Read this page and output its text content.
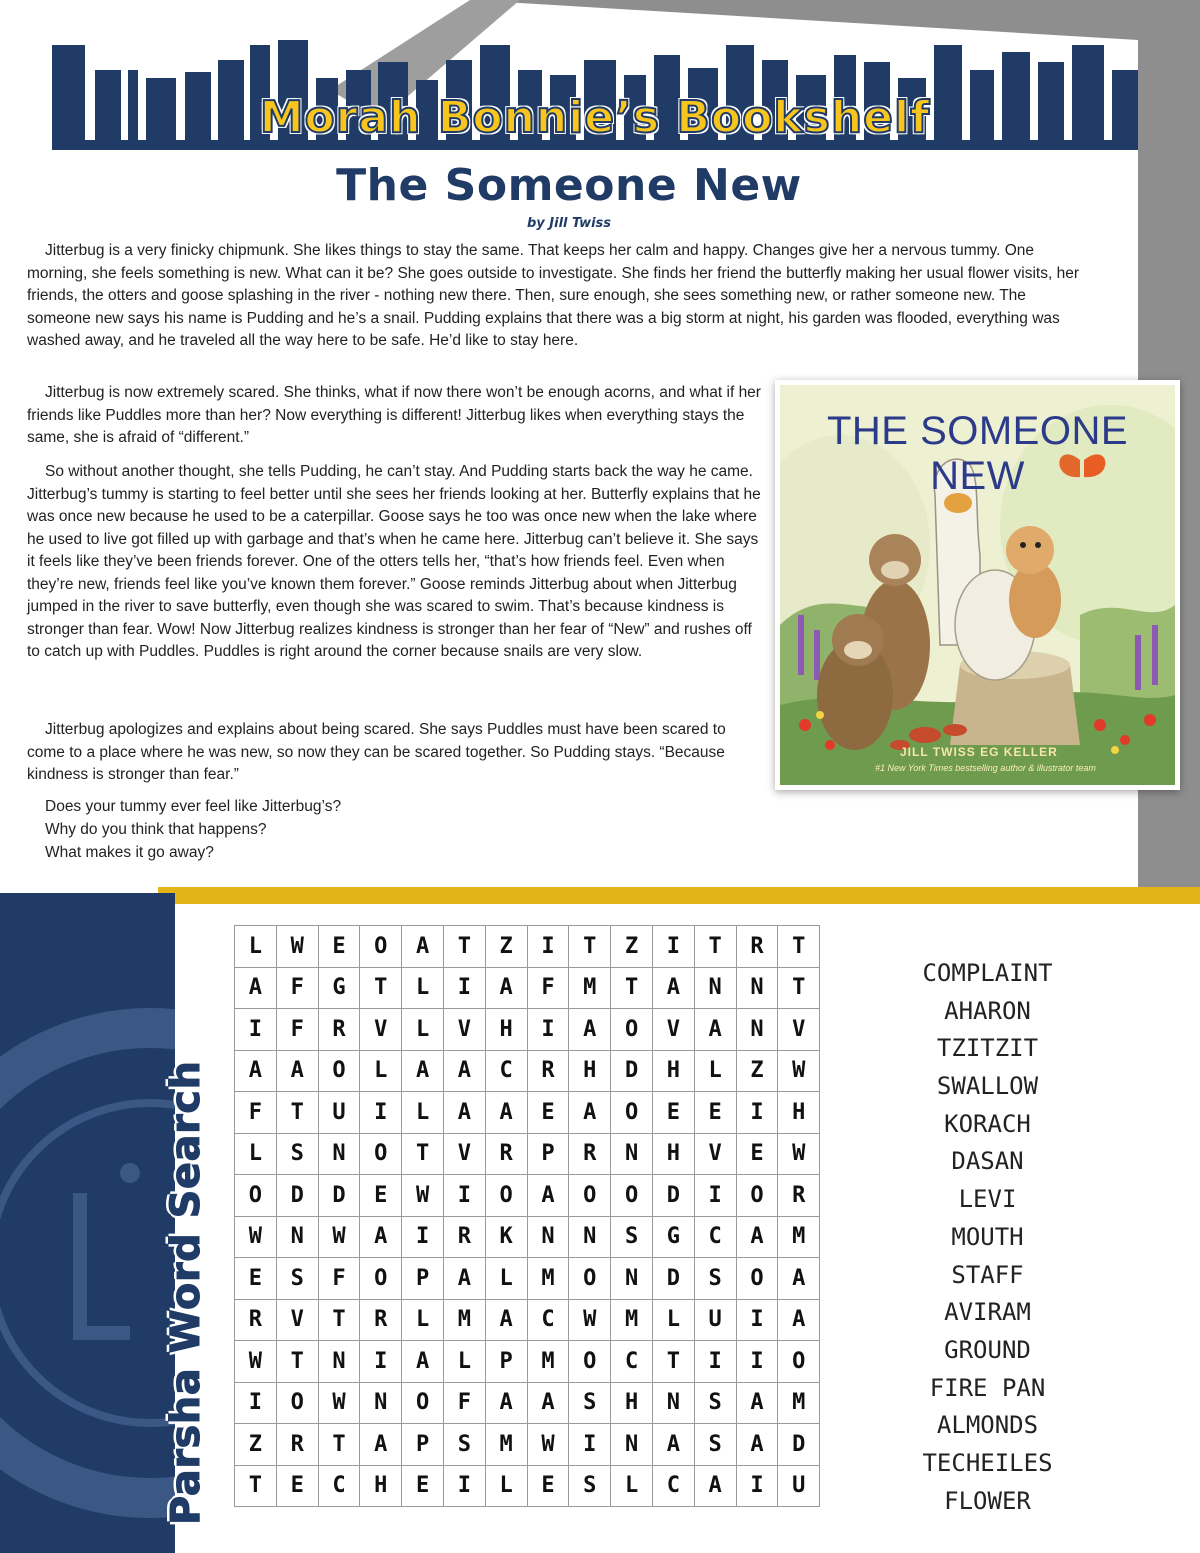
Morah Bonnie’s Bookshelf
The Someone New
by Jill Twiss

Jitterbug is a very finicky chipmunk. She likes things to stay the same. That keeps her calm and happy. Changes give her a nervous tummy. One morning, she feels something is new. What can it be? She goes outside to investigate. She finds her friend the butterfly making her usual flower visits, her friends, the otters and goose splashing in the river - nothing new there. Then, sure enough, she sees something new, or rather someone new. The someone new says his name is Pudding and he’s a snail. Pudding explains that there was a big storm at night, his garden was flooded, everything was washed away, and he traveled all the way here to be safe. He’d like to stay here.

Jitterbug is now extremely scared. She thinks, what if now there won’t be enough acorns, and what if her friends like Puddles more than her? Now everything is different! Jitterbug likes when everything stays the same, she is afraid of “different.”

So without another thought, she tells Pudding, he can’t stay. And Pudding starts back the way he came. Jitterbug’s tummy is starting to feel better until she sees her friends looking at her. Butterfly explains that he was once new because he used to be a caterpillar. Goose says he too was once new when the lake where he used to live got filled up with garbage and that’s when he came here. Jitterbug can’t believe it. She says it feels like they’ve been friends forever. One of the otters tells her, “that’s how friends feel. Even when they’re new, friends feel like you’ve known them forever.” Goose reminds Jitterbug about when Jitterbug jumped in the river to save butterfly, even though she was scared to swim. That’s because kindness is stronger than fear. Wow! Now Jitterbug realizes kindness is stronger than her fear of “New” and rushes off to catch up with Puddles. Puddles is right around the corner because snails are very slow.

Jitterbug apologizes and explains about being scared. She says Puddles must have been scared to come to a place where he was new, so now they can be scared together. So Pudding stays. “Because kindness is stronger than fear.”

Does your tummy ever feel like Jitterbug’s?

Why do you think that happens?

What makes it go away?

THE SOMEONE NEW
JILL TWISS EG KELLER
#1 New York Times bestselling author & illustrator team
Parsha Word Search
L	W	E	O	A	T	Z	I	T	Z	I	T	R	T
A	F	G	T	L	I	A	F	M	T	A	N	N	T
I	F	R	V	L	V	H	I	A	O	V	A	N	V
A	A	O	L	A	A	C	R	H	D	H	L	Z	W
F	T	U	I	L	A	A	E	A	O	E	E	I	H
L	S	N	O	T	V	R	P	R	N	H	V	E	W
O	D	D	E	W	I	O	A	O	O	D	I	O	R
W	N	W	A	I	R	K	N	N	S	G	C	A	M
E	S	F	O	P	A	L	M	O	N	D	S	O	A
R	V	T	R	L	M	A	C	W	M	L	U	I	A
W	T	N	I	A	L	P	M	O	C	T	I	I	O
I	O	W	N	O	F	A	A	S	H	N	S	A	M
Z	R	T	A	P	S	M	W	I	N	A	S	A	D
T	E	C	H	E	I	L	E	S	L	C	A	I	U
COMPLAINT
AHARON
TZITZIT
SWALLOW
KORACH
DASAN
LEVI
MOUTH
STAFF
AVIRAM
GROUND
FIRE PAN
ALMONDS
TECHEILES
FLOWER
